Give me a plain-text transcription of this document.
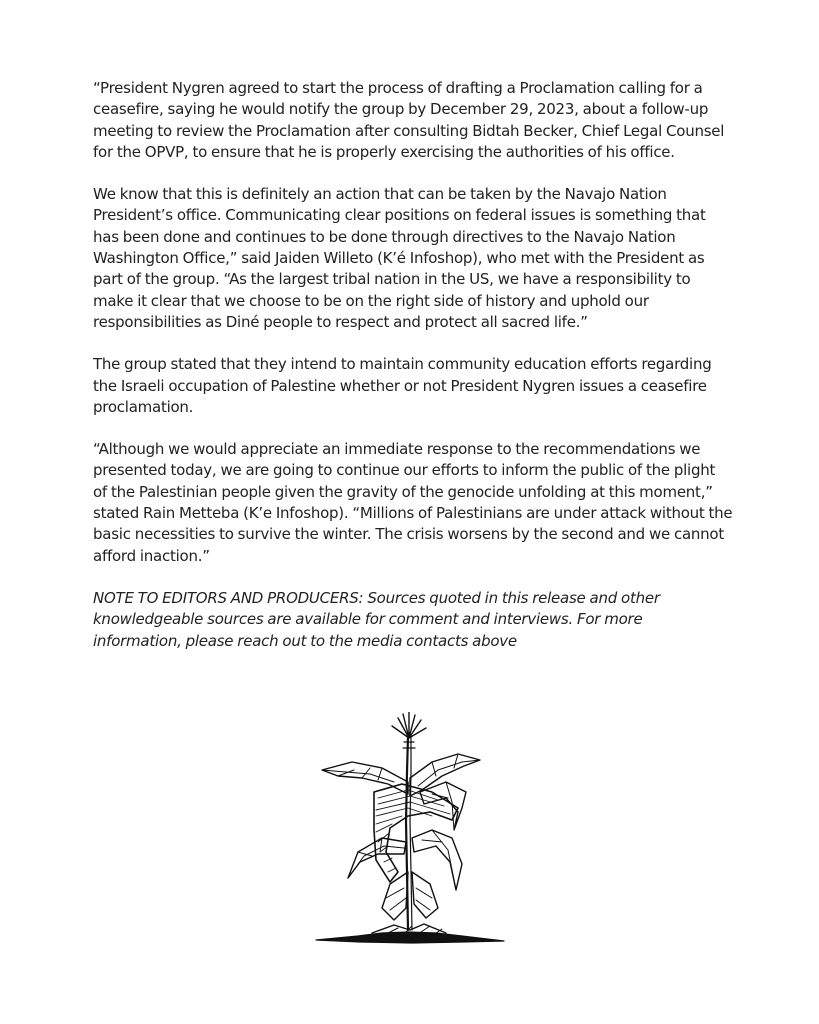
“President Nygren agreed to start the process of drafting a Proclamation calling for a ceasefire, saying he would notify the group by December 29, 2023, about a follow-up meeting to review the Proclamation after consulting Bidtah Becker, Chief Legal Counsel for the OPVP, to ensure that he is properly exercising the authorities of his office.

We know that this is definitely an action that can be taken by the Navajo Nation President’s office. Communicating clear positions on federal issues is something that has been done and continues to be done through directives to the Navajo Nation Washington Office,” said Jaiden Willeto (K’é Infoshop), who met with the President as part of the group. “As the largest tribal nation in the US, we have a responsibility to make it clear that we choose to be on the right side of history and uphold our responsibilities as Diné people to respect and protect all sacred life.”

The group stated that they intend to maintain community education efforts regarding the Israeli occupation of Palestine whether or not President Nygren issues a ceasefire proclamation.

“Although we would appreciate an immediate response to the recommendations we presented today, we are going to continue our efforts to inform the public of the plight of the Palestinian people given the gravity of the genocide unfolding at this moment,” stated Rain Metteba (K’e Infoshop). “Millions of Palestinians are under attack without the basic necessities to survive the winter. The crisis worsens by the second and we cannot afford inaction.”

NOTE TO EDITORS AND PRODUCERS: Sources quoted in this release and other knowledgeable sources are available for comment and interviews. For more information, please reach out to the media contacts above
